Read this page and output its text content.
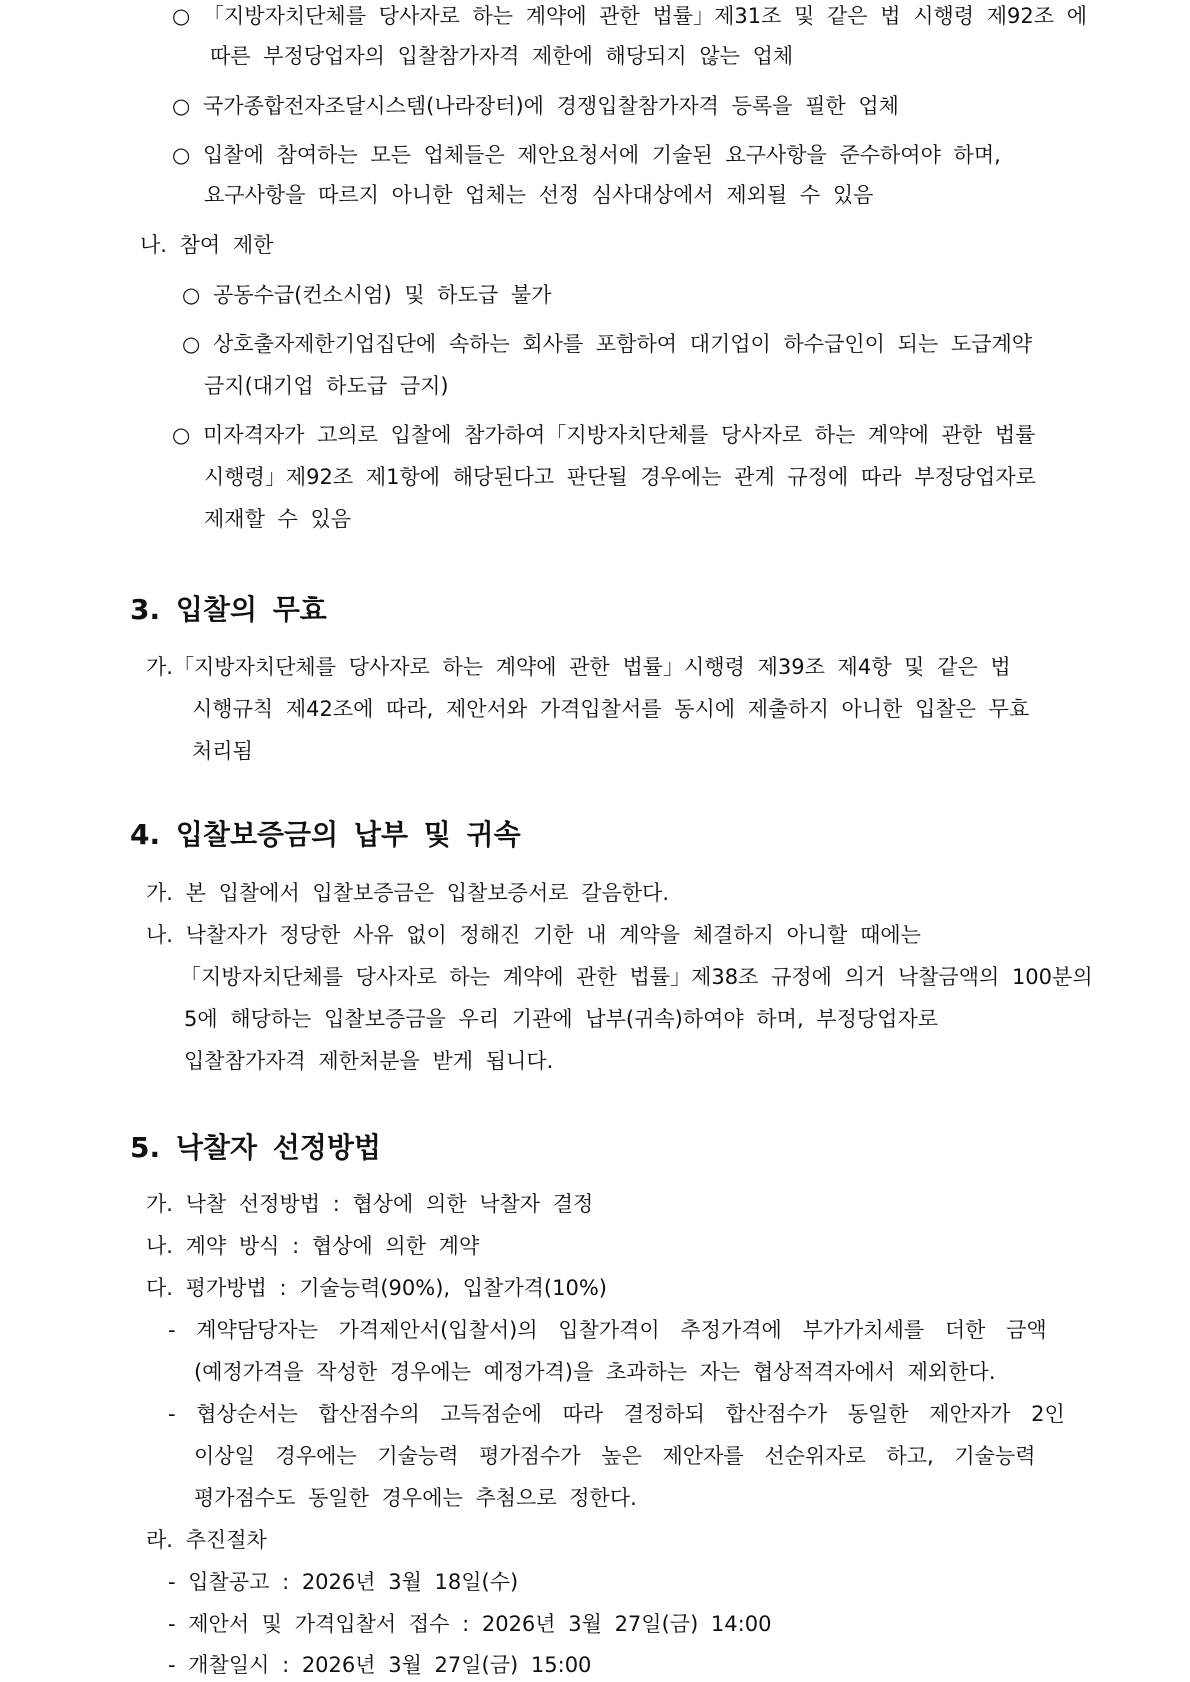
○ 「지방자치단체를 당사자로 하는 계약에 관한 법률」제31조 및 같은 법 시행령 제92조 에
따른 부정당업자의 입찰참가자격 제한에 해당되지 않는 업체
○ 국가종합전자조달시스템(나라장터)에 경쟁입찰참가자격 등록을 필한 업체
○ 입찰에 참여하는 모든 업체들은 제안요청서에 기술된 요구사항을 준수하여야 하며,
요구사항을 따르지 아니한 업체는 선정 심사대상에서 제외될 수 있음
나. 참여 제한
○ 공동수급(컨소시엄) 및 하도급 불가
○ 상호출자제한기업집단에 속하는 회사를 포함하여 대기업이 하수급인이 되는 도급계약
금지(대기업 하도급 금지)
○ 미자격자가 고의로 입찰에 참가하여「지방자치단체를 당사자로 하는 계약에 관한 법률
시행령」제92조 제1항에 해당된다고 판단될 경우에는 관계 규정에 따라 부정당업자로
제재할 수 있음
3. 입찰의 무효
가.「지방자치단체를 당사자로 하는 계약에 관한 법률」시행령 제39조 제4항 및 같은 법
시행규칙 제42조에 따라, 제안서와 가격입찰서를 동시에 제출하지 아니한 입찰은 무효
처리됨
4. 입찰보증금의 납부 및 귀속
가. 본 입찰에서 입찰보증금은 입찰보증서로 갈음한다.
나. 낙찰자가 정당한 사유 없이 정해진 기한 내 계약을 체결하지 아니할 때에는
「지방자치단체를 당사자로 하는 계약에 관한 법률」제38조 규정에 의거 낙찰금액의 100분의
5에 해당하는 입찰보증금을 우리 기관에 납부(귀속)하여야 하며, 부정당업자로
입찰참가자격 제한처분을 받게 됩니다.
5. 낙찰자 선정방법
가. 낙찰 선정방법 : 협상에 의한 낙찰자 결정
나. 계약 방식 : 협상에 의한 계약
다. 평가방법 : 기술능력(90%), 입찰가격(10%)
- 계약담당자는 가격제안서(입찰서)의 입찰가격이 추정가격에 부가가치세를 더한 금액
(예정가격을 작성한 경우에는 예정가격)을 초과하는 자는 협상적격자에서 제외한다.
- 협상순서는 합산점수의 고득점순에 따라 결정하되 합산점수가 동일한 제안자가 2인
이상일 경우에는 기술능력 평가점수가 높은 제안자를 선순위자로 하고, 기술능력
평가점수도 동일한 경우에는 추첨으로 정한다.
라. 추진절차
- 입찰공고 : 2026년 3월 18일(수)
- 제안서 및 가격입찰서 접수 : 2026년 3월 27일(금) 14:00
- 개찰일시 : 2026년 3월 27일(금) 15:00
